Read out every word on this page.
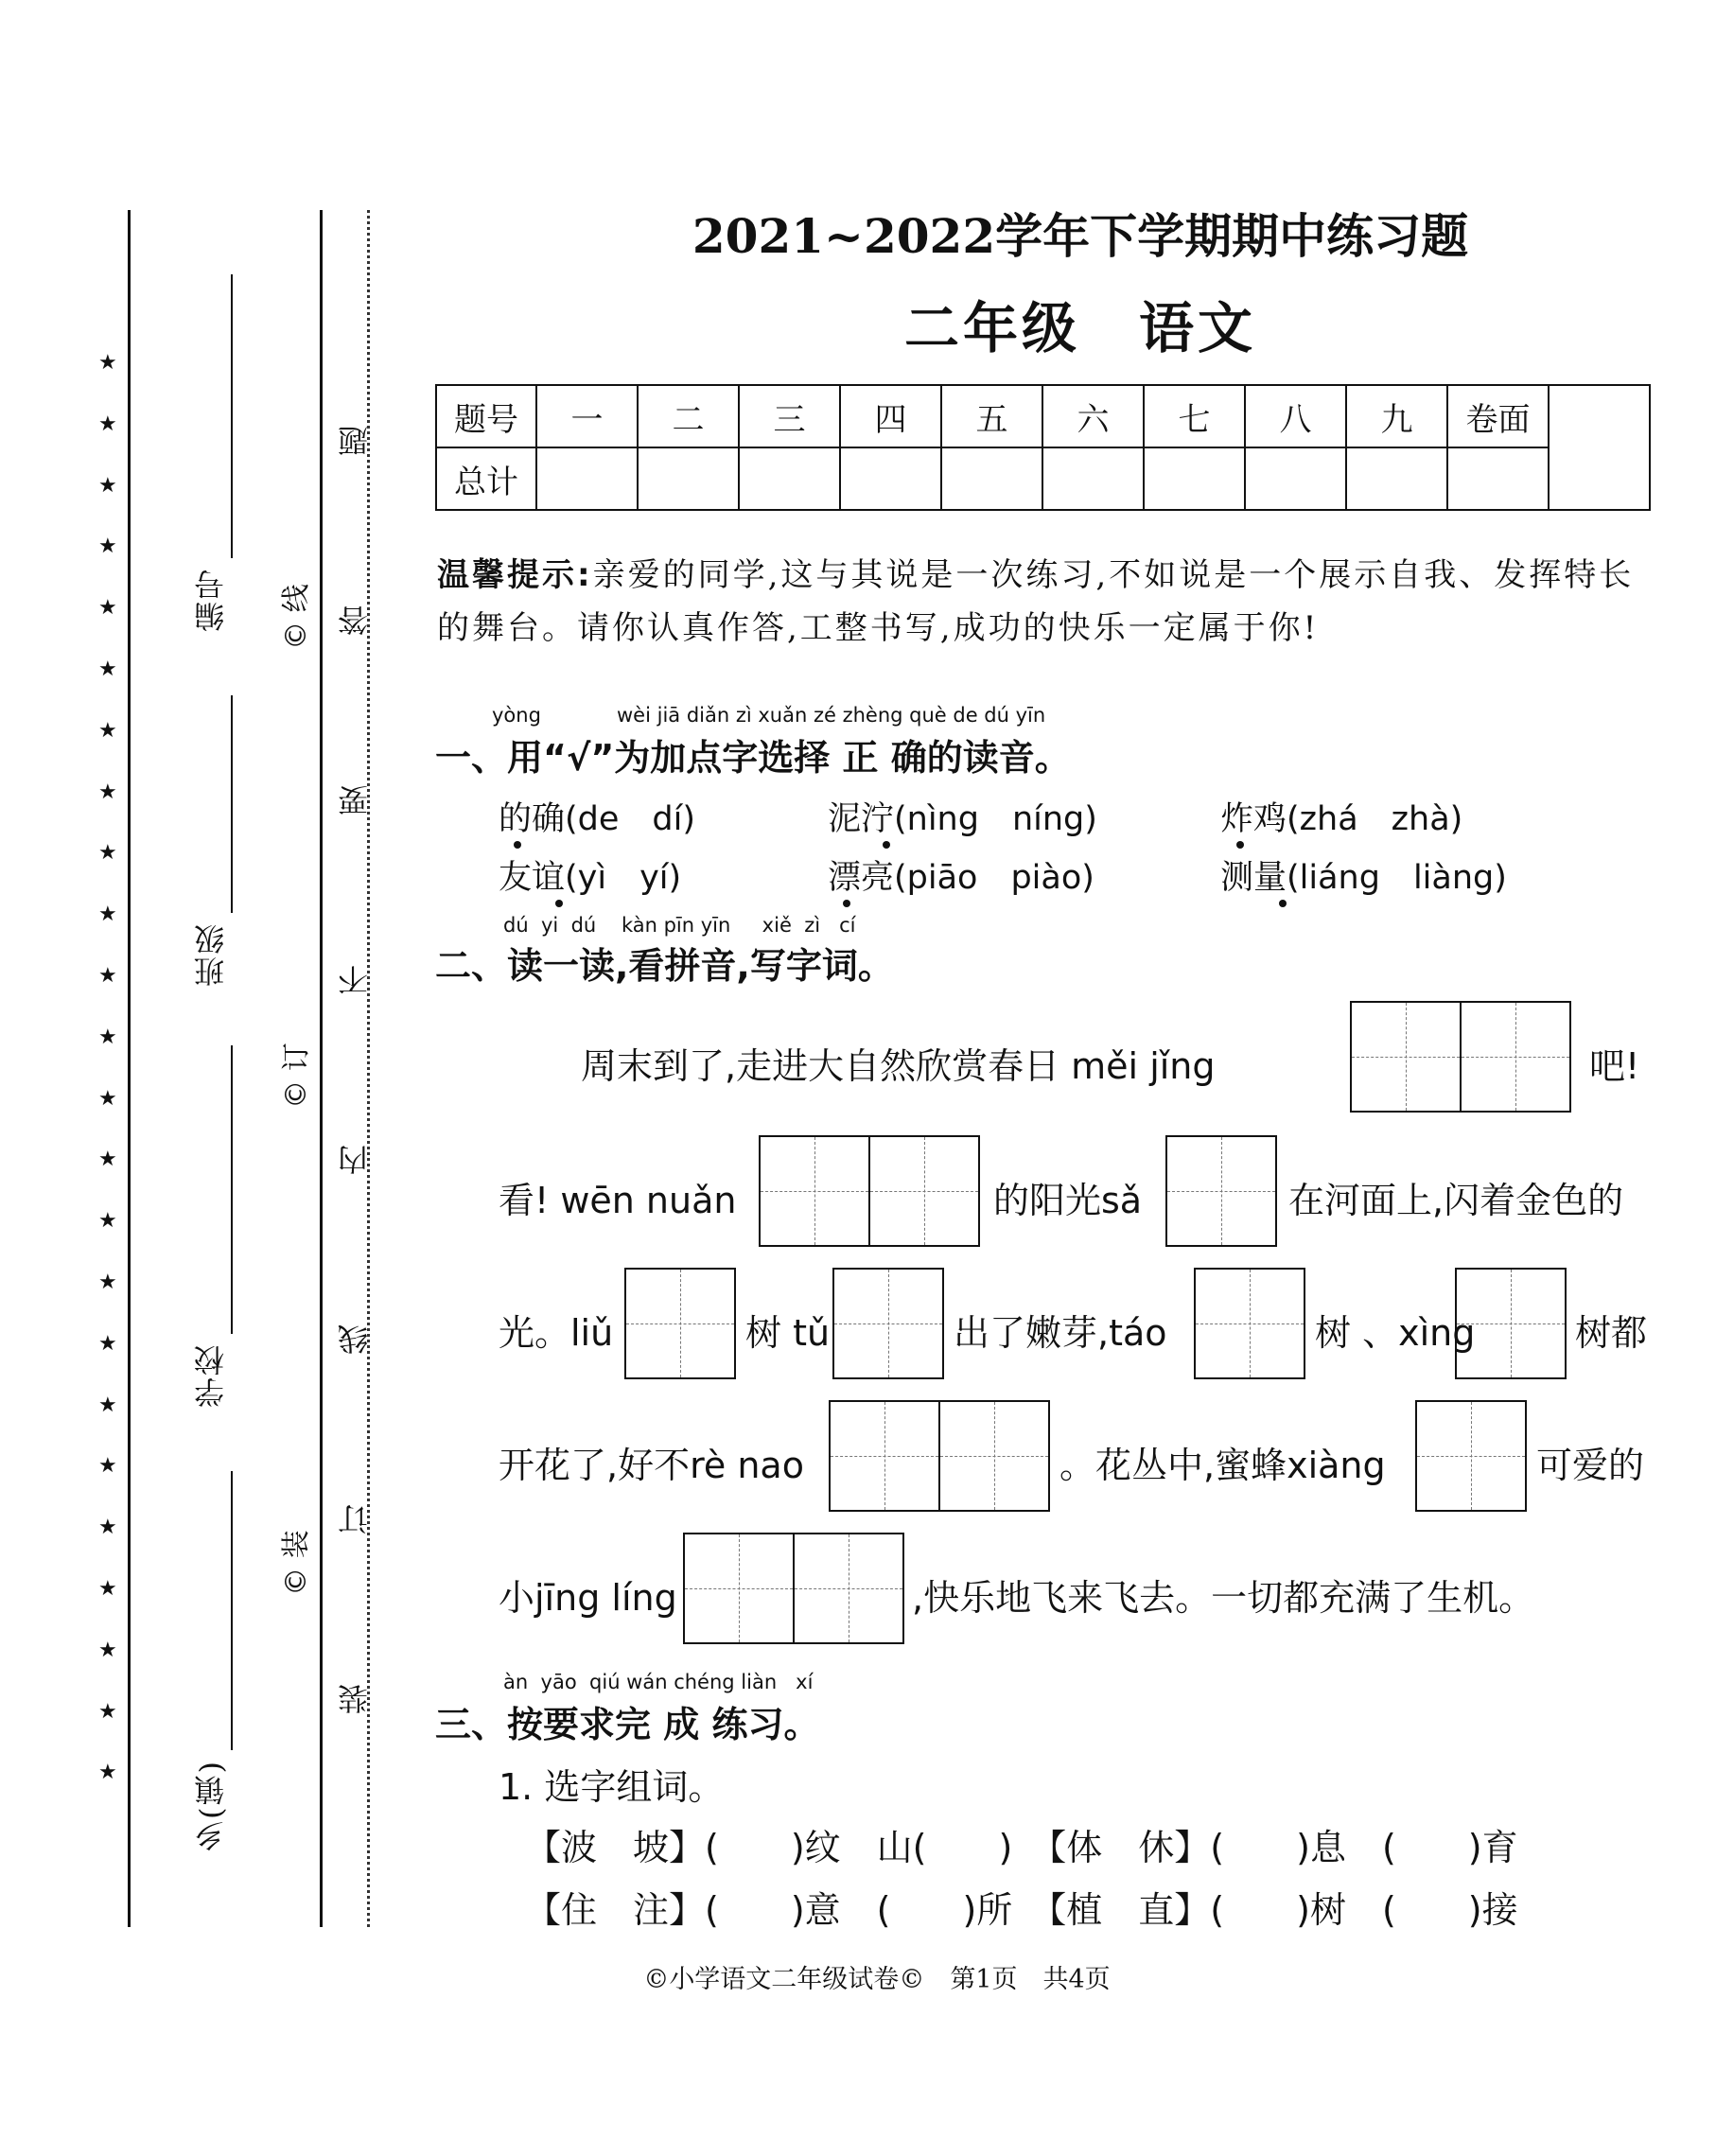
★
★
★
★
★
★
★
★
★
★
★
★
★
★
★
★
★
★
★
★
★
★
★
★
编号
班级
学校
乡(镇)
© 线
© 订
© 装
题
答
要
不
内
线
订
装
2021~2022学年下学期期中练习题
二年级　语文
题号	一	二	三	四	五	六	七	八	九	卷面	
总计											
温馨提示:亲爱的同学,这与其说是一次练习,不如说是一个展示自我、发挥特长的舞台。请你认真作答,工整书写,成功的快乐一定属于你!
yòng	wèi jiā diǎn zì xuǎn zé zhèng què de dú yīn
一、用“√”为加点字选择 正 确的读音。
的确(de　dí)	泥泞(nìng　níng)	炸鸡(zhá　zhà)
友谊(yì　yí)	漂亮(piāo　piào)	测量(liáng　liàng)
dú  yi  dú    kàn pīn yīn     xiě  zì   cí
二、读一读,看拼音,写字词。
周末到了,走进大自然欣赏春日 měi jǐng	吧!
看! wēn nuǎn	的阳光sǎ	在河面上,闪着金色的
光。liǔ	树 tǔ	出了嫩芽,táo	树 、xìng	树都
开花了,好不rè nao	。花丛中,蜜蜂xiàng	可爱的
小jīng líng	,快乐地飞来飞去。一切都充满了生机。
àn  yāo  qiú wán chéng liàn   xí
三、按要求完 成 练习。
1. 选字组词。
【波　坡】(　　)纹　山(　　)　【体　休】(　　)息　(　　)育
【住　注】(　　)意　(　　)所　【植　直】(　　)树　(　　)接
©小学语文二年级试卷©　 第1页　共4页
